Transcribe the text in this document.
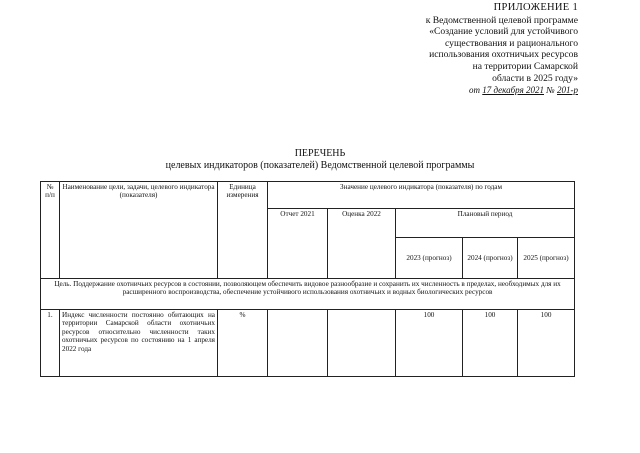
ПРИЛОЖЕНИЕ 1
к Ведомственной целевой программе
«Создание условий для устойчивого
существования и рационального
использования охотничьих ресурсов
на территории Самарской
области в 2025 году»
от 17 декабря 2021 № 201-р
ПЕРЕЧЕНЬ
целевых индикаторов (показателей) Ведомственной целевой программы
№ п/п	Наименование цели, задачи, целевого индикатора (показателя)	Единица измерения	Значение целевого индикатора (показателя) по годам				
			Отчет 2021	Оценка 2022	Плановый период		
					2023 (прогноз)	2024 (прогноз)	2025 (прогноз)
Цель. Поддержание охотничьих ресурсов в состоянии, позволяющем обеспечить видовое разнообразие и сохранить их численность в пределах, необходимых для их расширенного воспроизводства, обеспечение устойчивого использования охотничьих и водных биологических ресурсов							
1.	Индекс численности постоянно обитающих на территории Самарской области охотничьих ресурсов относительно численности таких охотничьих ресурсов по состоянию на 1 апреля 2022 года	%			100	100	100
